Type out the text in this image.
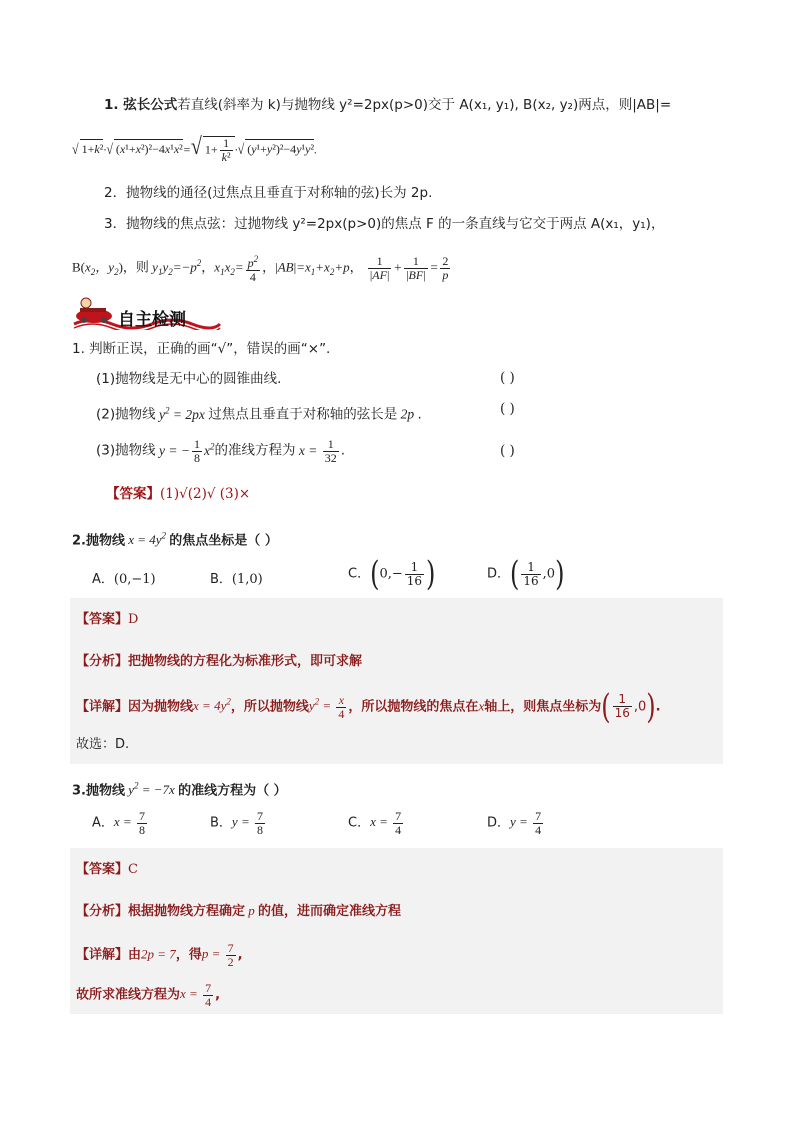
1. 弦长公式若直线(斜率为 k)与抛物线 y²=2px(p>0)交于 A(x₁, y₁), B(x₂, y₂)两点，则|AB|=
√ 1+k²·√ (x¹+x²)²−4x¹x²=√ $1+ \frac{1}{\text{k²}}$ ·√ (y¹+y²)²−4y¹y².
2．抛物线的通径(过焦点且垂直于对称轴的弦)长为 2p.
3．抛物线的焦点弦：过抛物线 y²=2px(p>0)的焦点 F 的一条直线与它交于两点 A(x₁，y₁)，
$B(x_2$，$y_2$)，则 $y_1y_2=-p^2$，$x_1x_2= \frac{p^2}{4}$ ，$|AB|=x_1+x_2+p$， $\frac{1}{|AF|} + \frac{1}{|BF|} = \frac{2}{p}$
自主检测
1. 判断正误，正确的画“√”，错误的画“×”.
(1)抛物线是无中心的圆锥曲线.	( )
(2)抛物线 $y^2 = 2px$ 过焦点且垂直于对称轴的弦长是 2p .	( )
(3)抛物线 y = − $\frac{1}{8} x^2$的准线方程为 $x = \frac{1}{32}$ .	( )
【答案】(1)√(2)√ (3)×
2.抛物线 $x = 4y^2$ 的焦点坐标是（ ）
A．(0,−1)	B．(1,0)	C．($0,- \frac{1}{16}$ )	D．( $\frac{1}{16} ,0$)
【答案】D
【分析】把抛物线的方程化为标准形式，即可求解
【详解】因为抛物线$x = 4y^2$，所以抛物线$y^2 = \frac{x}{4}$ ，所以抛物线的焦点在x轴上，则焦点坐标为( $\frac{1}{16} ,0$).
故选：D.
3.抛物线 $y^2 = -7x$ 的准线方程为（ ）
A．$x = \frac{7}{8}$	B．$y = \frac{7}{8}$	C．$x = \frac{7}{4}$	D．$y = \frac{7}{4}$
【答案】C
【分析】根据抛物线方程确定 p 的值，进而确定准线方程
【详解】由2p = 7，得$p = \frac{7}{2}$ ,
故所求准线方程为$x = \frac{7}{4}$ ,
